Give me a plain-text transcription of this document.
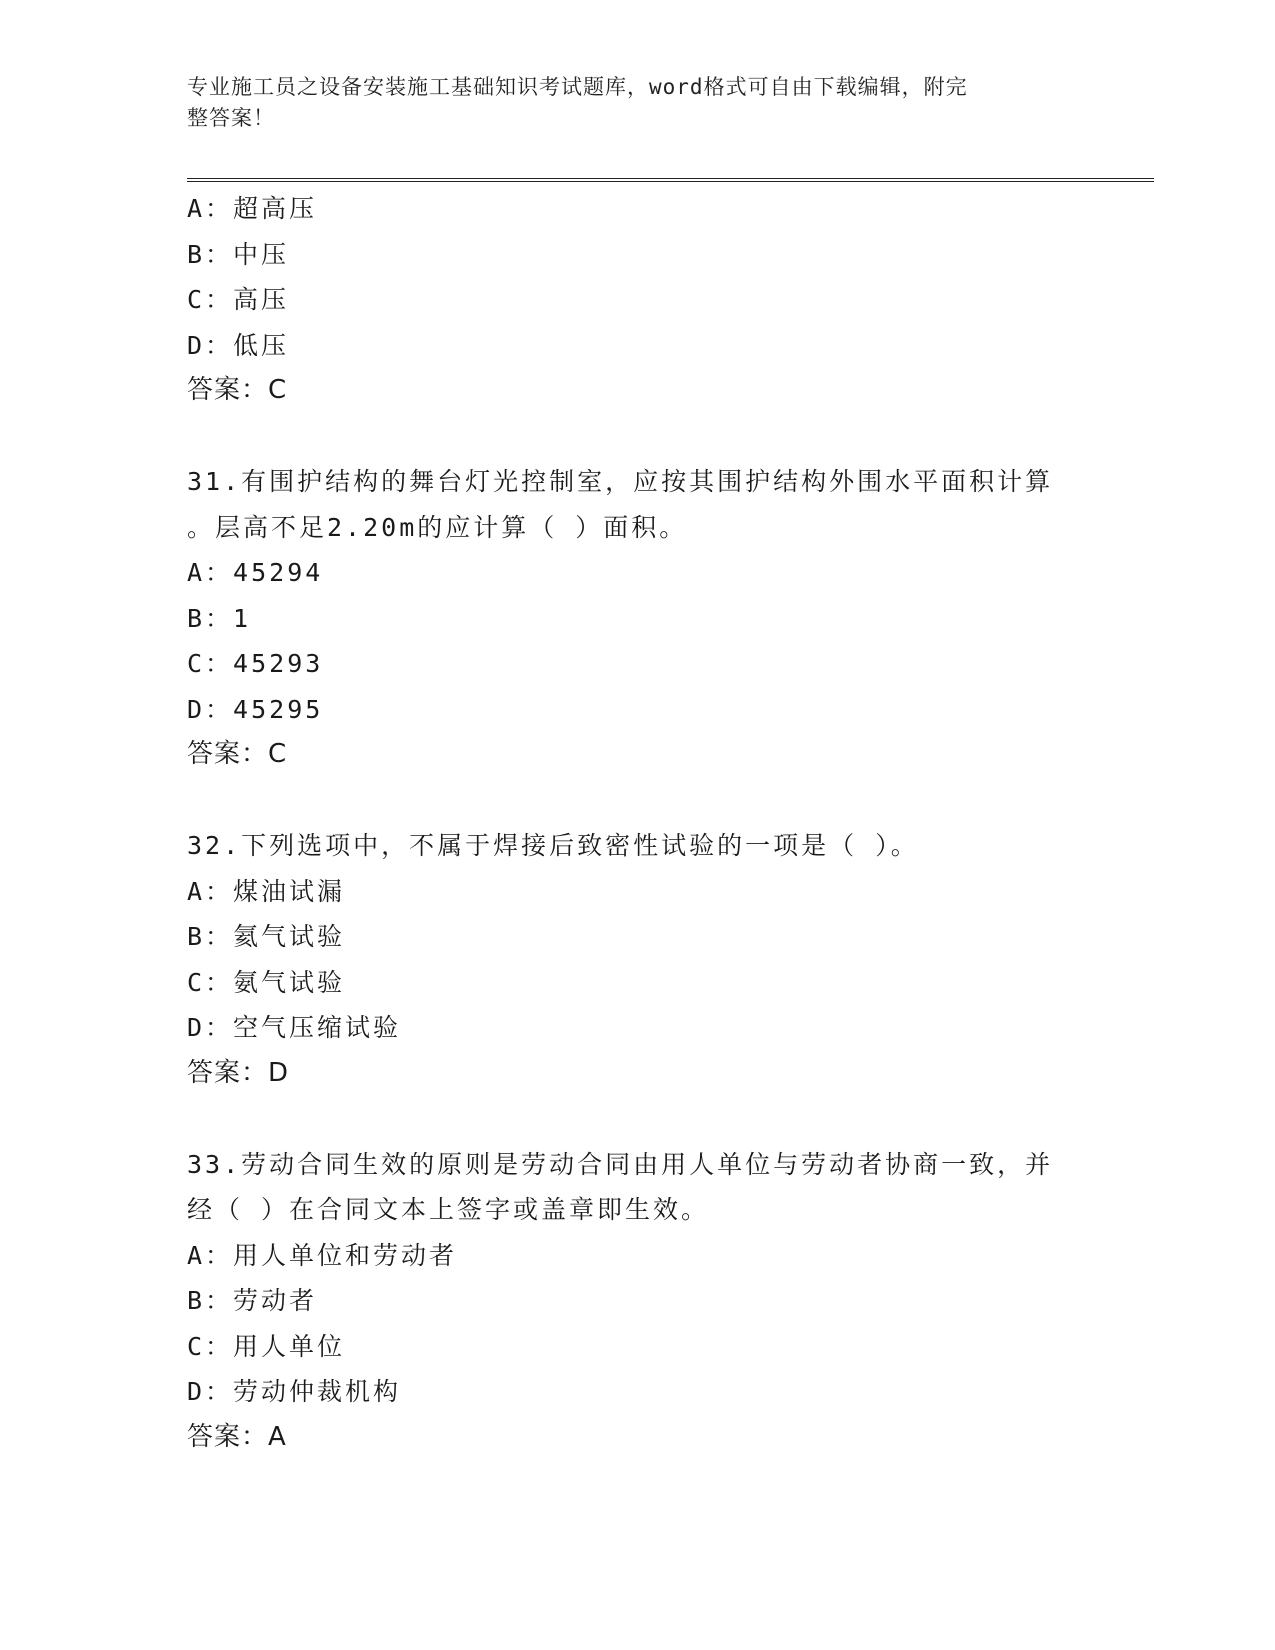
专业施工员之设备安装施工基础知识考试题库，word格式可自由下载编辑，附完
整答案！
A：超高压
B：中压
C：高压
D：低压
答案：C
31.有围护结构的舞台灯光控制室，应按其围护结构外围水平面积计算
。层高不足2.20m的应计算（ ）面积。
A：45294
B：1
C：45293
D：45295
答案：C
32.下列选项中，不属于焊接后致密性试验的一项是（ ）。
A：煤油试漏
B：氦气试验
C：氨气试验
D：空气压缩试验
答案：D
33.劳动合同生效的原则是劳动合同由用人单位与劳动者协商一致，并
经（ ）在合同文本上签字或盖章即生效。
A：用人单位和劳动者
B：劳动者
C：用人单位
D：劳动仲裁机构
答案：A
